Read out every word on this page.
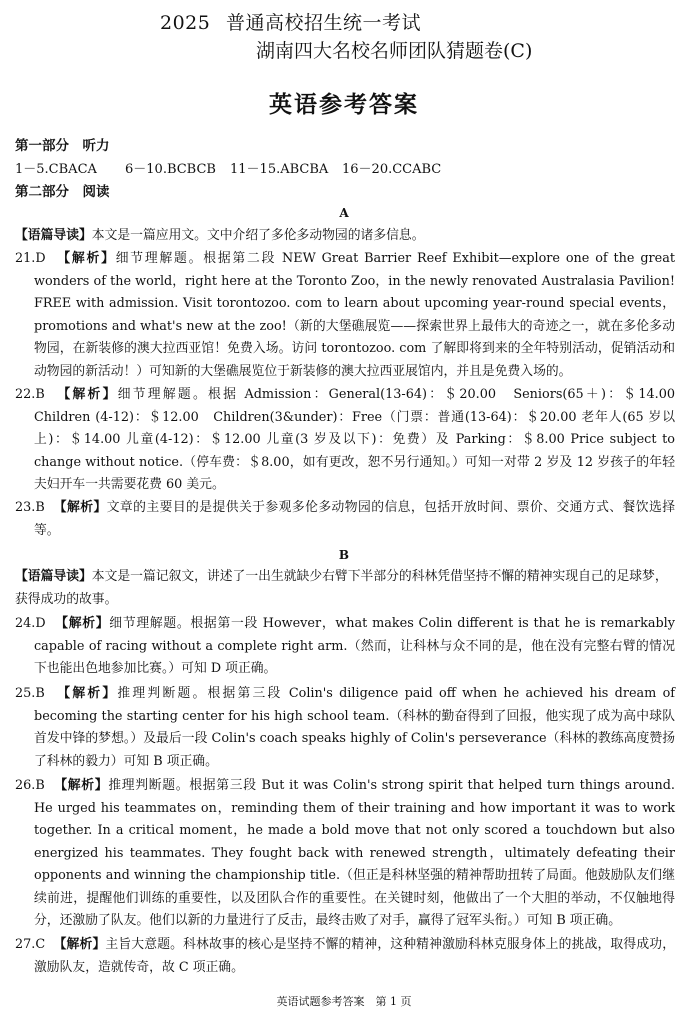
2025 普通高校招生统一考试
湖南四大名校名师团队猜题卷(C)
英语参考答案
第一部分　听力
1－5.CBACA 6－10.BCBCB 11－15.ABCBA 16－20.CCABC
第二部分　阅读
A
【语篇导读】本文是一篇应用文。文中介绍了多伦多动物园的诸多信息。
21.D 【解析】细节理解题。根据第二段 NEW Great Barrier Reef Exhibit—explore one of the great wonders of the world，right here at the Toronto Zoo，in the newly renovated Australasia Pavilion! FREE with admission. Visit torontozoo. com to learn about upcoming year-round special events，promotions and what's new at the zoo!（新的大堡礁展览——探索世界上最伟大的奇迹之一，就在多伦多动物园，在新装修的澳大拉西亚馆！免费入场。访问 torontozoo. com 了解即将到来的全年特别活动，促销活动和动物园的新活动！）可知新的大堡礁展览位于新装修的澳大拉西亚展馆内，并且是免费入场的。
22.B 【解析】细节理解题。根据 Admission：General(13-64)：＄20.00　Seniors(65＋)：＄14.00　Children (4-12)：＄12.00　Children(3&under)：Free（门票：普通(13-64)：＄20.00 老年人(65 岁以上)：＄14.00 儿童(4-12)：＄12.00 儿童(3 岁及以下)：免费）及 Parking：＄8.00 Price subject to change without notice.（停车费：＄8.00，如有更改，恕不另行通知。）可知一对带 2 岁及 12 岁孩子的年轻夫妇开车一共需要花费 60 美元。
23.B 【解析】文章的主要目的是提供关于参观多伦多动物园的信息，包括开放时间、票价、交通方式、餐饮选择等。
B
【语篇导读】本文是一篇记叙文，讲述了一出生就缺少右臂下半部分的科林凭借坚持不懈的精神实现自己的足球梦，获得成功的故事。
24.D 【解析】细节理解题。根据第一段 However，what makes Colin different is that he is remarkably capable of racing without a complete right arm.（然而，让科林与众不同的是，他在没有完整右臂的情况下也能出色地参加比赛。）可知 D 项正确。
25.B 【解析】推理判断题。根据第三段 Colin's diligence paid off when he achieved his dream of becoming the starting center for his high school team.（科林的勤奋得到了回报，他实现了成为高中球队首发中锋的梦想。）及最后一段 Colin's coach speaks highly of Colin's perseverance（科林的教练高度赞扬了科林的毅力）可知 B 项正确。
26.B 【解析】推理判断题。根据第三段 But it was Colin's strong spirit that helped turn things around. He urged his teammates on，reminding them of their training and how important it was to work together. In a critical moment，he made a bold move that not only scored a touchdown but also energized his teammates. They fought back with renewed strength，ultimately defeating their opponents and winning the championship title.（但正是科林坚强的精神帮助扭转了局面。他鼓励队友们继续前进，提醒他们训练的重要性，以及团队合作的重要性。在关键时刻，他做出了一个大胆的举动，不仅触地得分，还激励了队友。他们以新的力量进行了反击，最终击败了对手，赢得了冠军头衔。）可知 B 项正确。
27.C 【解析】主旨大意题。科林故事的核心是坚持不懈的精神，这种精神激励科林克服身体上的挑战，取得成功，激励队友，造就传奇，故 C 项正确。
英语试题参考答案　第 1 页
